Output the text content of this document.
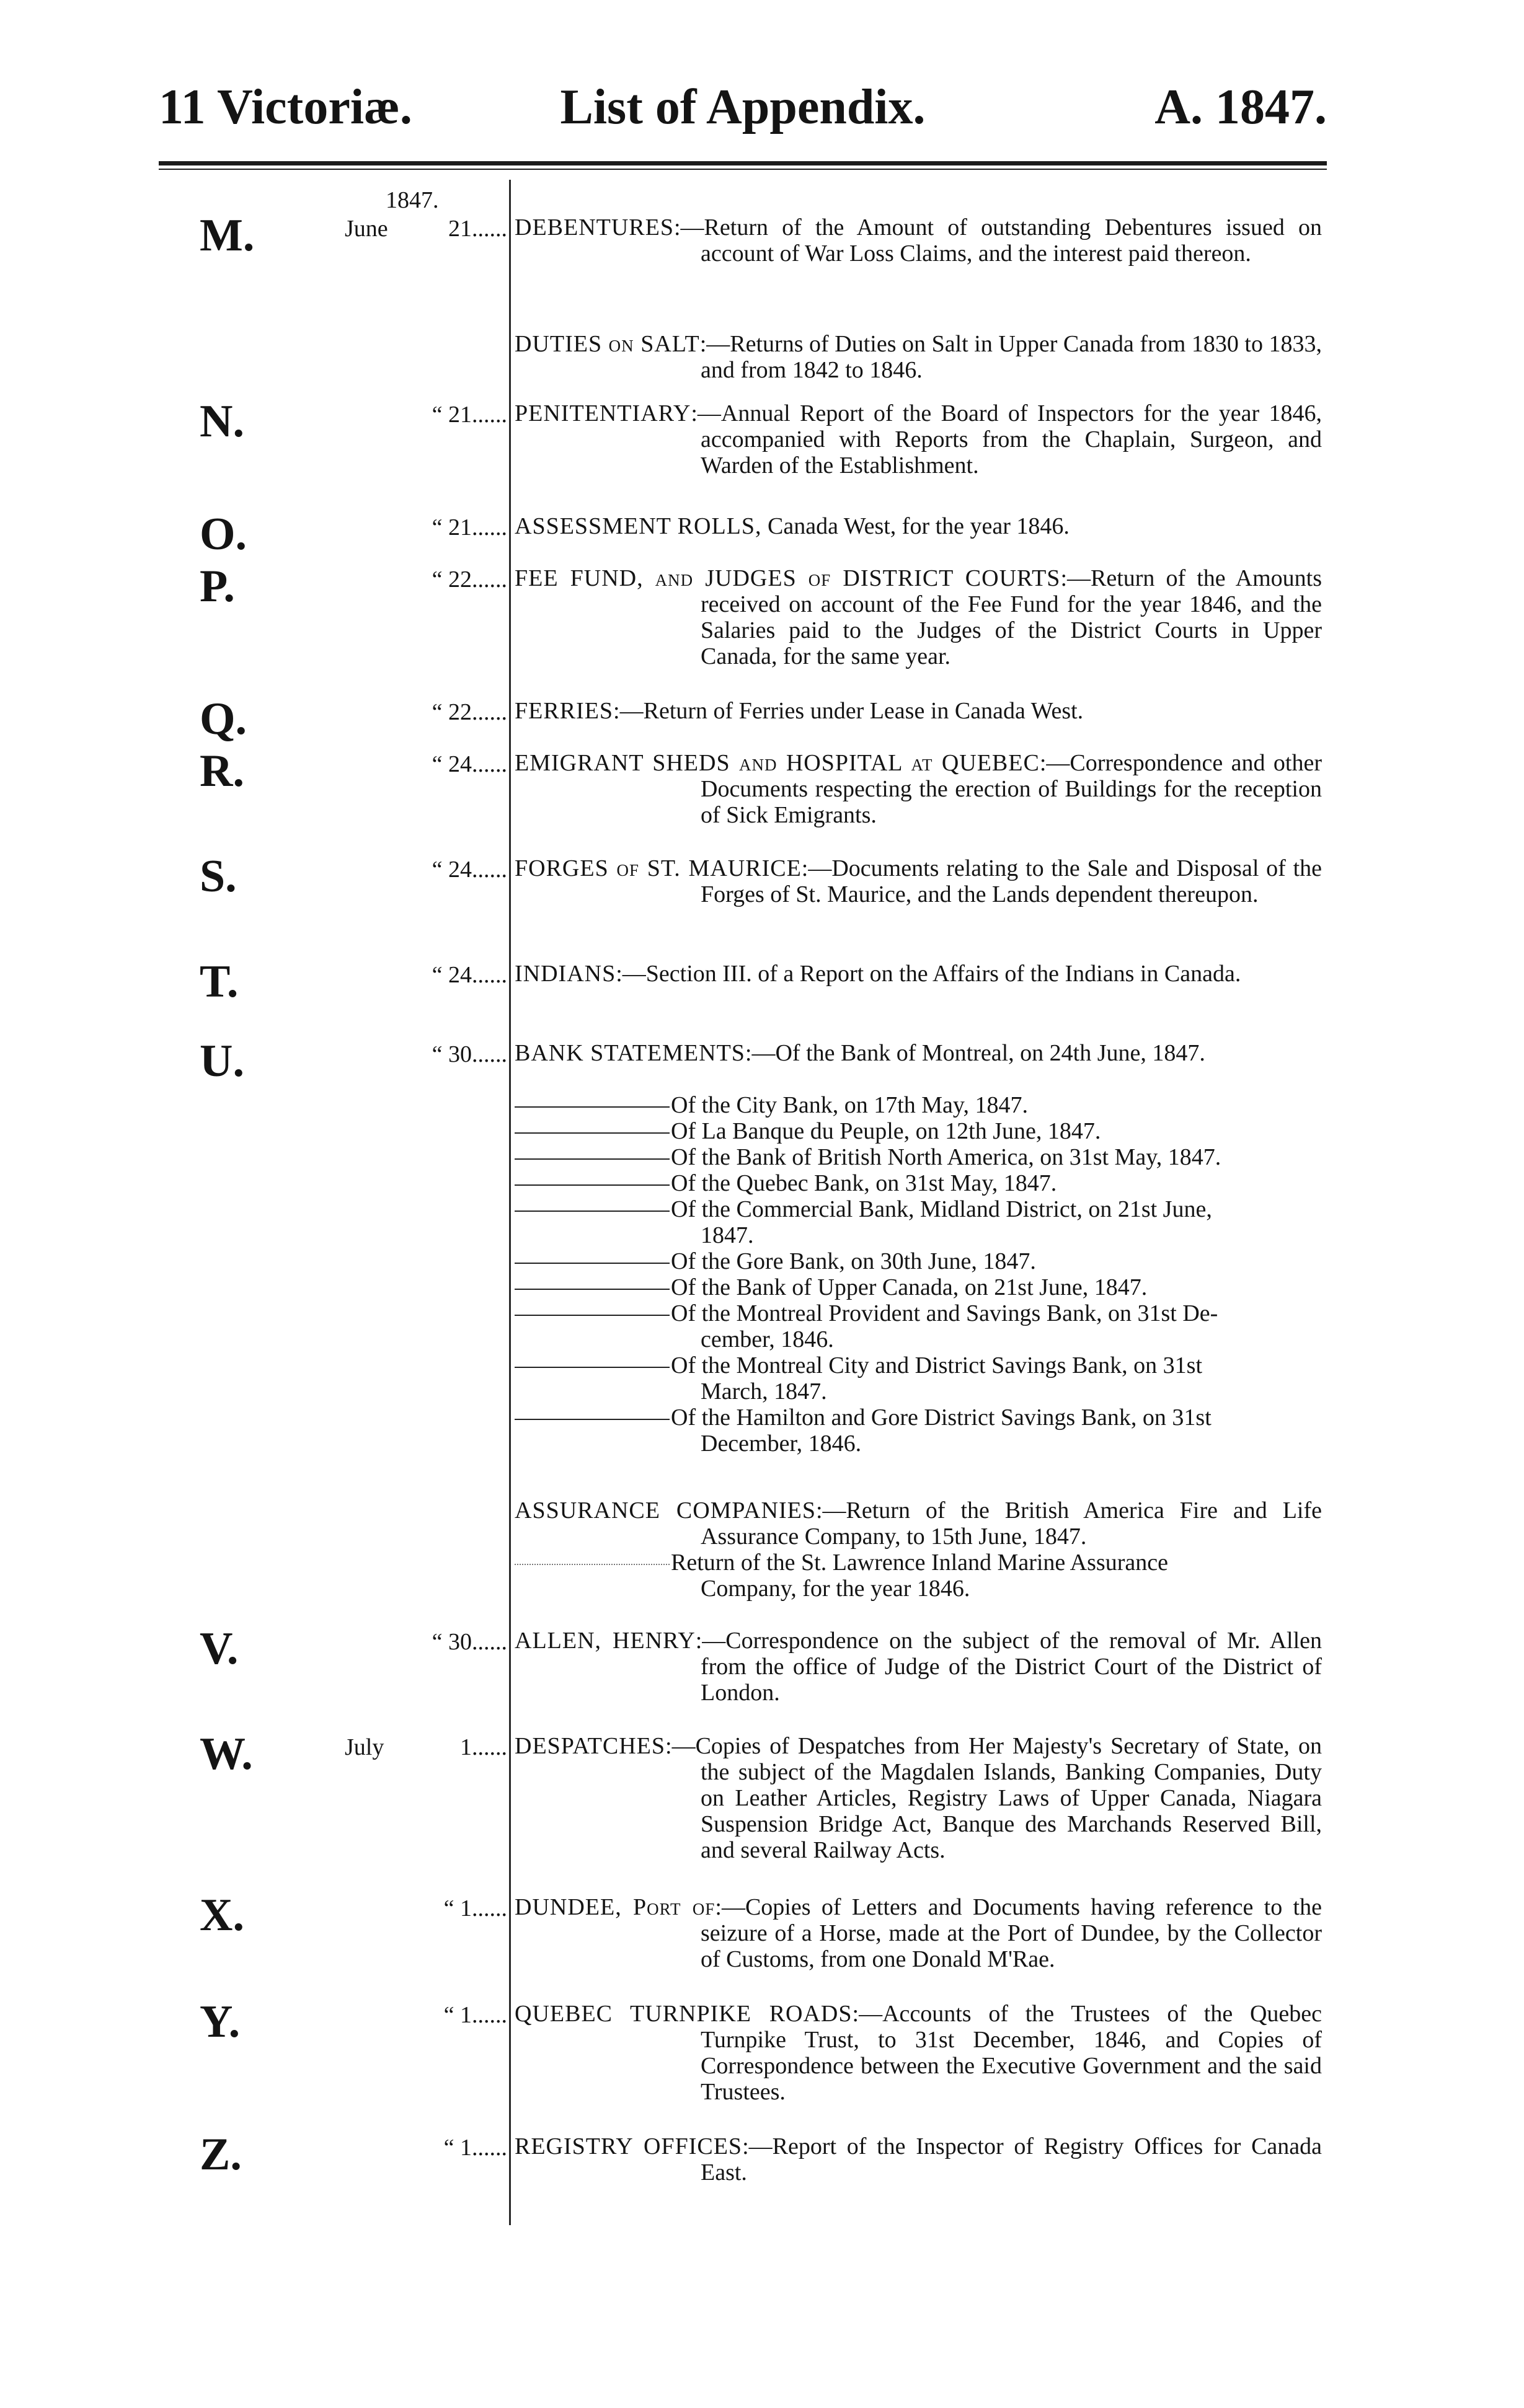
11 Victoriæ.	List of Appendix.	A. 1847.
1847.
M.	June	21...... DEBENTURES:—Return of the Amount of outstanding Debentures issued on account of War Loss Claims, and the interest paid thereon.
DUTIES on SALT:—Returns of Duties on Salt in Upper Canada from 1830 to 1833, and from 1842 to 1846.
N.	“ 21...... PENITENTIARY:—Annual Report of the Board of Inspectors for the year 1846, accompanied with Reports from the Chaplain, Surgeon, and Warden of the Establishment.
O.	“ 21...... ASSESSMENT ROLLS, Canada West, for the year 1846.
P.	“ 22...... FEE FUND, and JUDGES of DISTRICT COURTS:—Return of the Amounts received on account of the Fee Fund for the year 1846, and the Salaries paid to the Judges of the District Courts in Upper Canada, for the same year.
Q.	“ 22...... FERRIES:—Return of Ferries under Lease in Canada West.
R.	“ 24...... EMIGRANT SHEDS and HOSPITAL at QUEBEC:—Correspondence and other Documents respecting the erection of Buildings for the reception of Sick Emigrants.
S.	“ 24...... FORGES of ST. MAURICE:—Documents relating to the Sale and Disposal of the Forges of St. Maurice, and the Lands dependent thereupon.
T.	“ 24...... INDIANS:—Section III. of a Report on the Affairs of the Indians in Canada.
U.	“ 30...... BANK STATEMENTS:—Of the Bank of Montreal, on 24th June, 1847.
Of the City Bank, on 17th May, 1847.
Of La Banque du Peuple, on 12th June, 1847.
Of the Bank of British North America, on 31st May, 1847.
Of the Quebec Bank, on 31st May, 1847.
Of the Commercial Bank, Midland District, on 21st June,
1847.
Of the Gore Bank, on 30th June, 1847.
Of the Bank of Upper Canada, on 21st June, 1847.
Of the Montreal Provident and Savings Bank, on 31st De-
cember, 1846.
Of the Montreal City and District Savings Bank, on 31st
March, 1847.
Of the Hamilton and Gore District Savings Bank, on 31st
December, 1846.
ASSURANCE COMPANIES:—Return of the British America Fire and Life Assurance Company, to 15th June, 1847.
Return of the St. Lawrence Inland Marine Assurance
Company, for the year 1846.
V.	“ 30...... ALLEN, HENRY:—Correspondence on the subject of the removal of Mr. Allen from the office of Judge of the District Court of the District of London.
W.	July	1...... DESPATCHES:—Copies of Despatches from Her Majesty's Secretary of State, on the subject of the Magdalen Islands, Banking Companies, Duty on Leather Articles, Registry Laws of Upper Canada, Niagara Suspension Bridge Act, Banque des Marchands Reserved Bill, and several Railway Acts.
X.	“ 1...... DUNDEE, Port of:—Copies of Letters and Documents having reference to the seizure of a Horse, made at the Port of Dundee, by the Collector of Customs, from one Donald M'Rae.
Y.	“ 1...... QUEBEC TURNPIKE ROADS:—Accounts of the Trustees of the Quebec Turnpike Trust, to 31st December, 1846, and Copies of Correspondence between the Executive Government and the said Trustees.
Z.	“ 1...... REGISTRY OFFICES:—Report of the Inspector of Registry Offices for Canada East.
